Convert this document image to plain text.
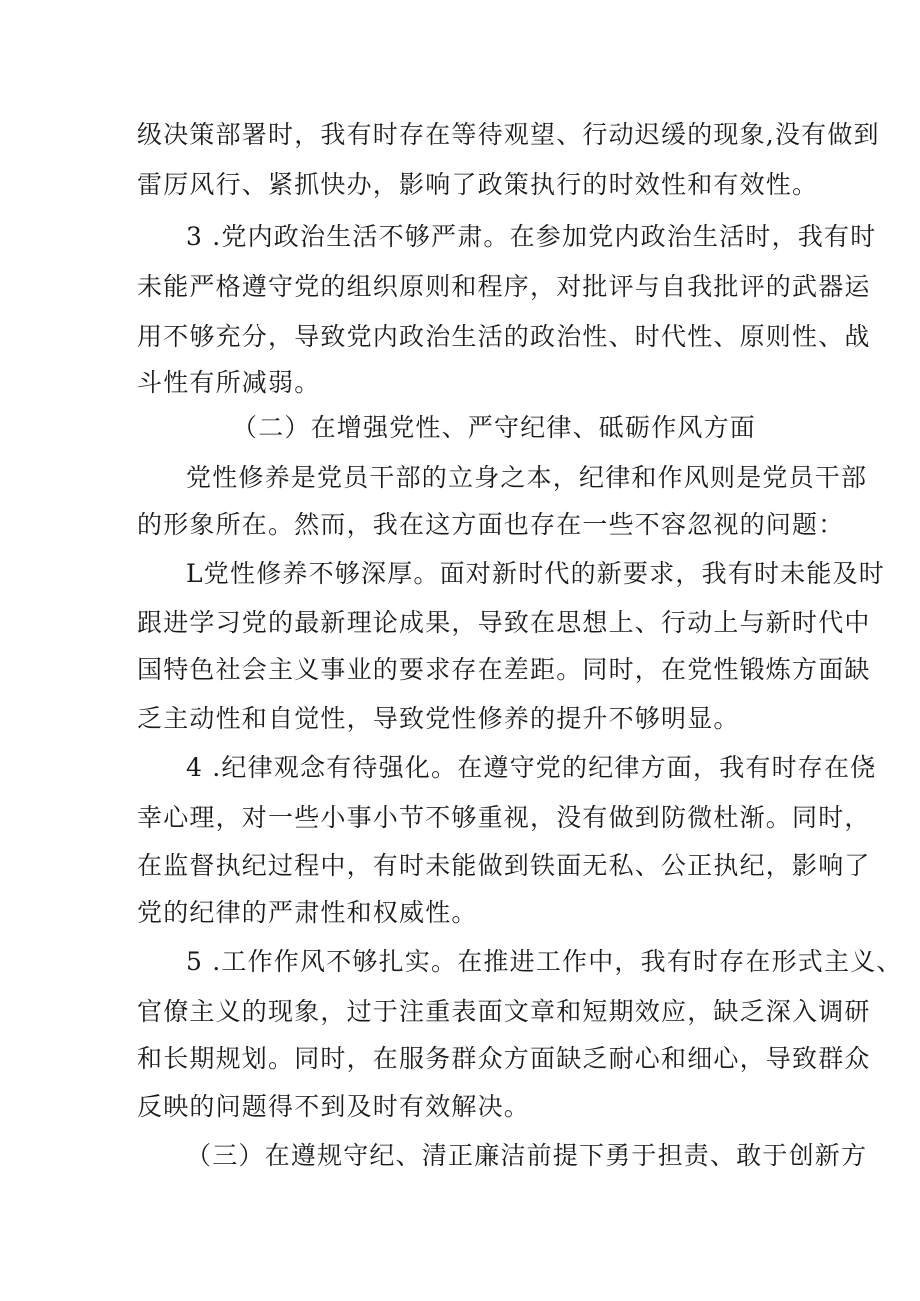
级决策部署时，我有时存在等待观望、行动迟缓的现象,没有做到
雷厉风行、紧抓快办，影响了政策执行的时效性和有效性。
3 .党内政治生活不够严肃。在参加党内政治生活时，我有时
未能严格遵守党的组织原则和程序，对批评与自我批评的武器运
用不够充分，导致党内政治生活的政治性、时代性、原则性、战
斗性有所减弱。
（二）在增强党性、严守纪律、砥砺作风方面
党性修养是党员干部的立身之本，纪律和作风则是党员干部
的形象所在。然而，我在这方面也存在一些不容忽视的问题：
L党性修养不够深厚。面对新时代的新要求，我有时未能及时
跟进学习党的最新理论成果，导致在思想上、行动上与新时代中
国特色社会主义事业的要求存在差距。同时，在党性锻炼方面缺
乏主动性和自觉性，导致党性修养的提升不够明显。
4 .纪律观念有待强化。在遵守党的纪律方面，我有时存在侥
幸心理，对一些小事小节不够重视，没有做到防微杜渐。同时，
在监督执纪过程中，有时未能做到铁面无私、公正执纪，影响了
党的纪律的严肃性和权威性。
5 .工作作风不够扎实。在推进工作中，我有时存在形式主义、
官僚主义的现象，过于注重表面文章和短期效应，缺乏深入调研
和长期规划。同时，在服务群众方面缺乏耐心和细心，导致群众
反映的问题得不到及时有效解决。
（三）在遵规守纪、清正廉洁前提下勇于担责、敢于创新方
